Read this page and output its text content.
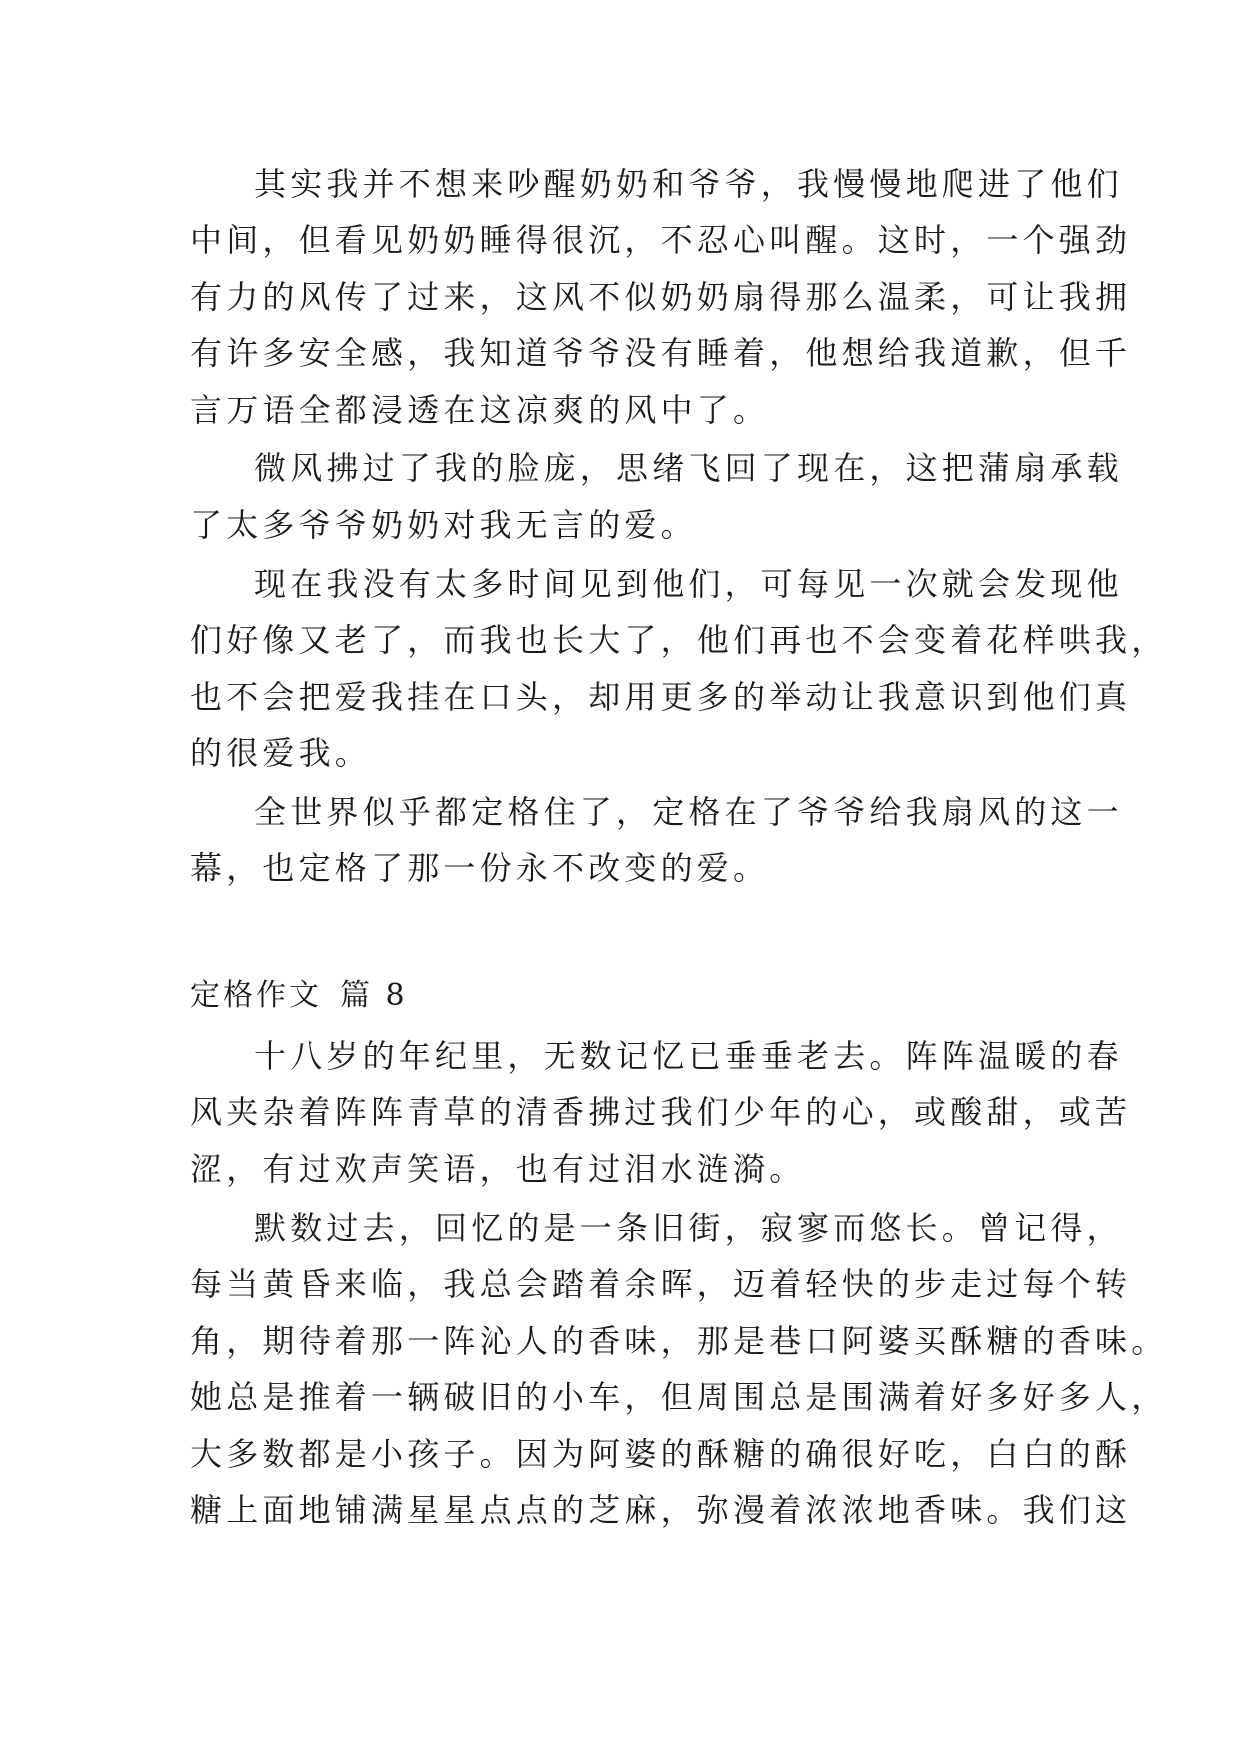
其实我并不想来吵醒奶奶和爷爷，我慢慢地爬进了他们
中间，但看见奶奶睡得很沉，不忍心叫醒。这时，一个强劲
有力的风传了过来，这风不似奶奶扇得那么温柔，可让我拥
有许多安全感，我知道爷爷没有睡着，他想给我道歉，但千
言万语全都浸透在这凉爽的风中了。
微风拂过了我的脸庞，思绪飞回了现在，这把蒲扇承载
了太多爷爷奶奶对我无言的爱。
现在我没有太多时间见到他们，可每见一次就会发现他
们好像又老了，而我也长大了，他们再也不会变着花样哄我，
也不会把爱我挂在口头，却用更多的举动让我意识到他们真
的很爱我。
全世界似乎都定格住了，定格在了爷爷给我扇风的这一
幕，也定格了那一份永不改变的爱。
定格作文 篇 8
十八岁的年纪里，无数记忆已垂垂老去。阵阵温暖的春
风夹杂着阵阵青草的清香拂过我们少年的心，或酸甜，或苦
涩，有过欢声笑语，也有过泪水涟漪。
默数过去，回忆的是一条旧街，寂寥而悠长。曾记得，
每当黄昏来临，我总会踏着余晖，迈着轻快的步走过每个转
角，期待着那一阵沁人的香味，那是巷口阿婆买酥糖的香味。
她总是推着一辆破旧的小车，但周围总是围满着好多好多人，
大多数都是小孩子。因为阿婆的酥糖的确很好吃，白白的酥
糖上面地铺满星星点点的芝麻，弥漫着浓浓地香味。我们这
